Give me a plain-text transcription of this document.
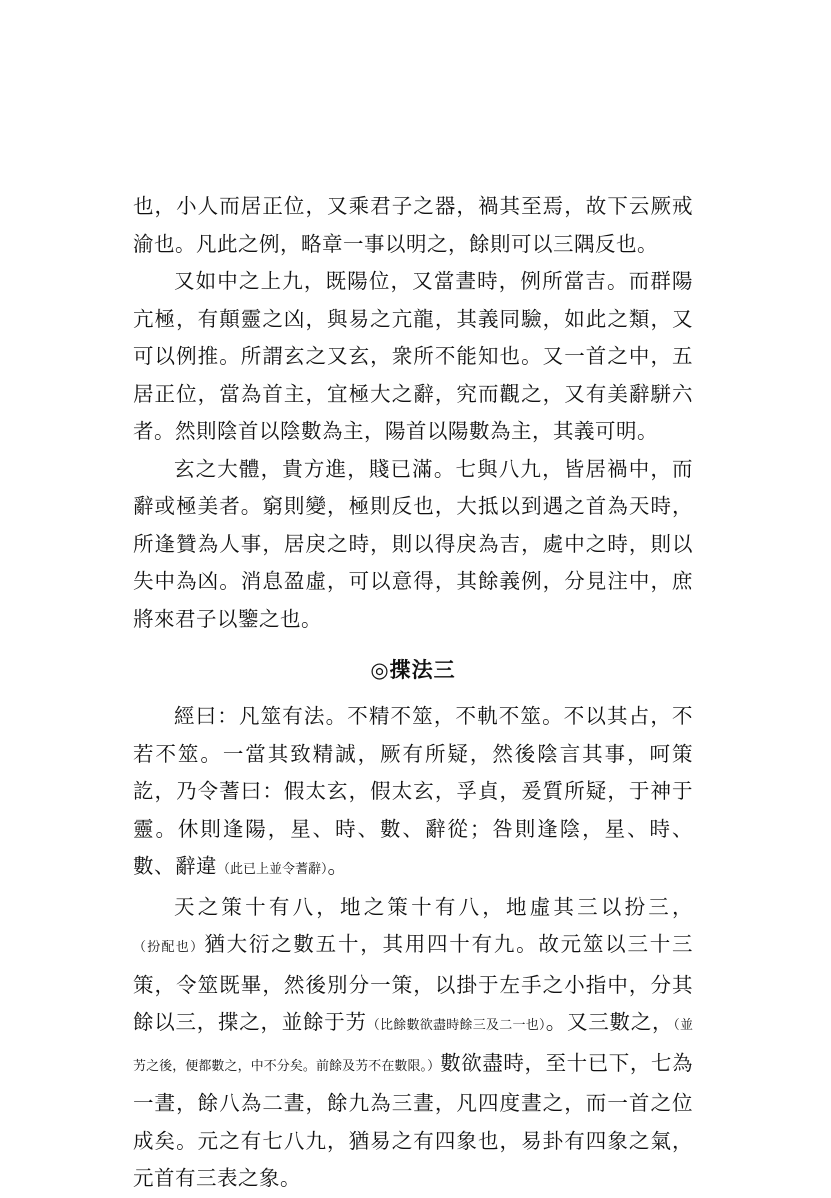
也，小人而居正位，又乘君子之器，禍其至焉，故下云厥戒渝也。凡此之例，略章一事以明之，餘則可以三隅反也。

又如中之上九，既陽位，又當晝時，例所當吉。而群陽亢極，有顛靈之凶，與易之亢龍，其義同驗，如此之類，又可以例推。所謂玄之又玄，衆所不能知也。又一首之中，五居正位，當為首主，宜極大之辭，究而觀之，又有美辭駢六者。然則陰首以陰數為主，陽首以陽數為主，其義可明。

玄之大體，貴方進，賤已滿。七與八九，皆居禍中，而辭或極美者。窮則變，極則反也，大抵以到遇之首為天時，所逢贊為人事，居戾之時，則以得戾為吉，處中之時，則以失中為凶。消息盈虛，可以意得，其餘義例，分見注中，庶將來君子以鑒之也。

◎揲法三

經曰：凡筮有法。不精不筮，不軌不筮。不以其占，不若不筮。一當其致精誠，厥有所疑，然後陰言其事，呵策訖，乃令蓍曰：假太玄，假太玄，孚貞，爰質所疑，于神于靈。休則逢陽，星、時、數、辭從；咎則逢陰，星、時、數、辭違（此已上並令蓍辭）。

天之策十有八，地之策十有八，地虛其三以扮三，（扮配也）猶大衍之數五十，其用四十有九。故元筮以三十三策，令筮既畢，然後別分一策，以掛于左手之小指中，分其餘以三，揲之，並餘于艻（比餘數欲盡時餘三及二一也）。又三數之，（並艻之後，便都數之，中不分矣。前餘及艻不在數限。）數欲盡時，至十已下，七為一晝，餘八為二晝，餘九為三晝，凡四度晝之，而一首之位成矣。元之有七八九，猶易之有四象也，易卦有四象之氣，元首有三表之象。
